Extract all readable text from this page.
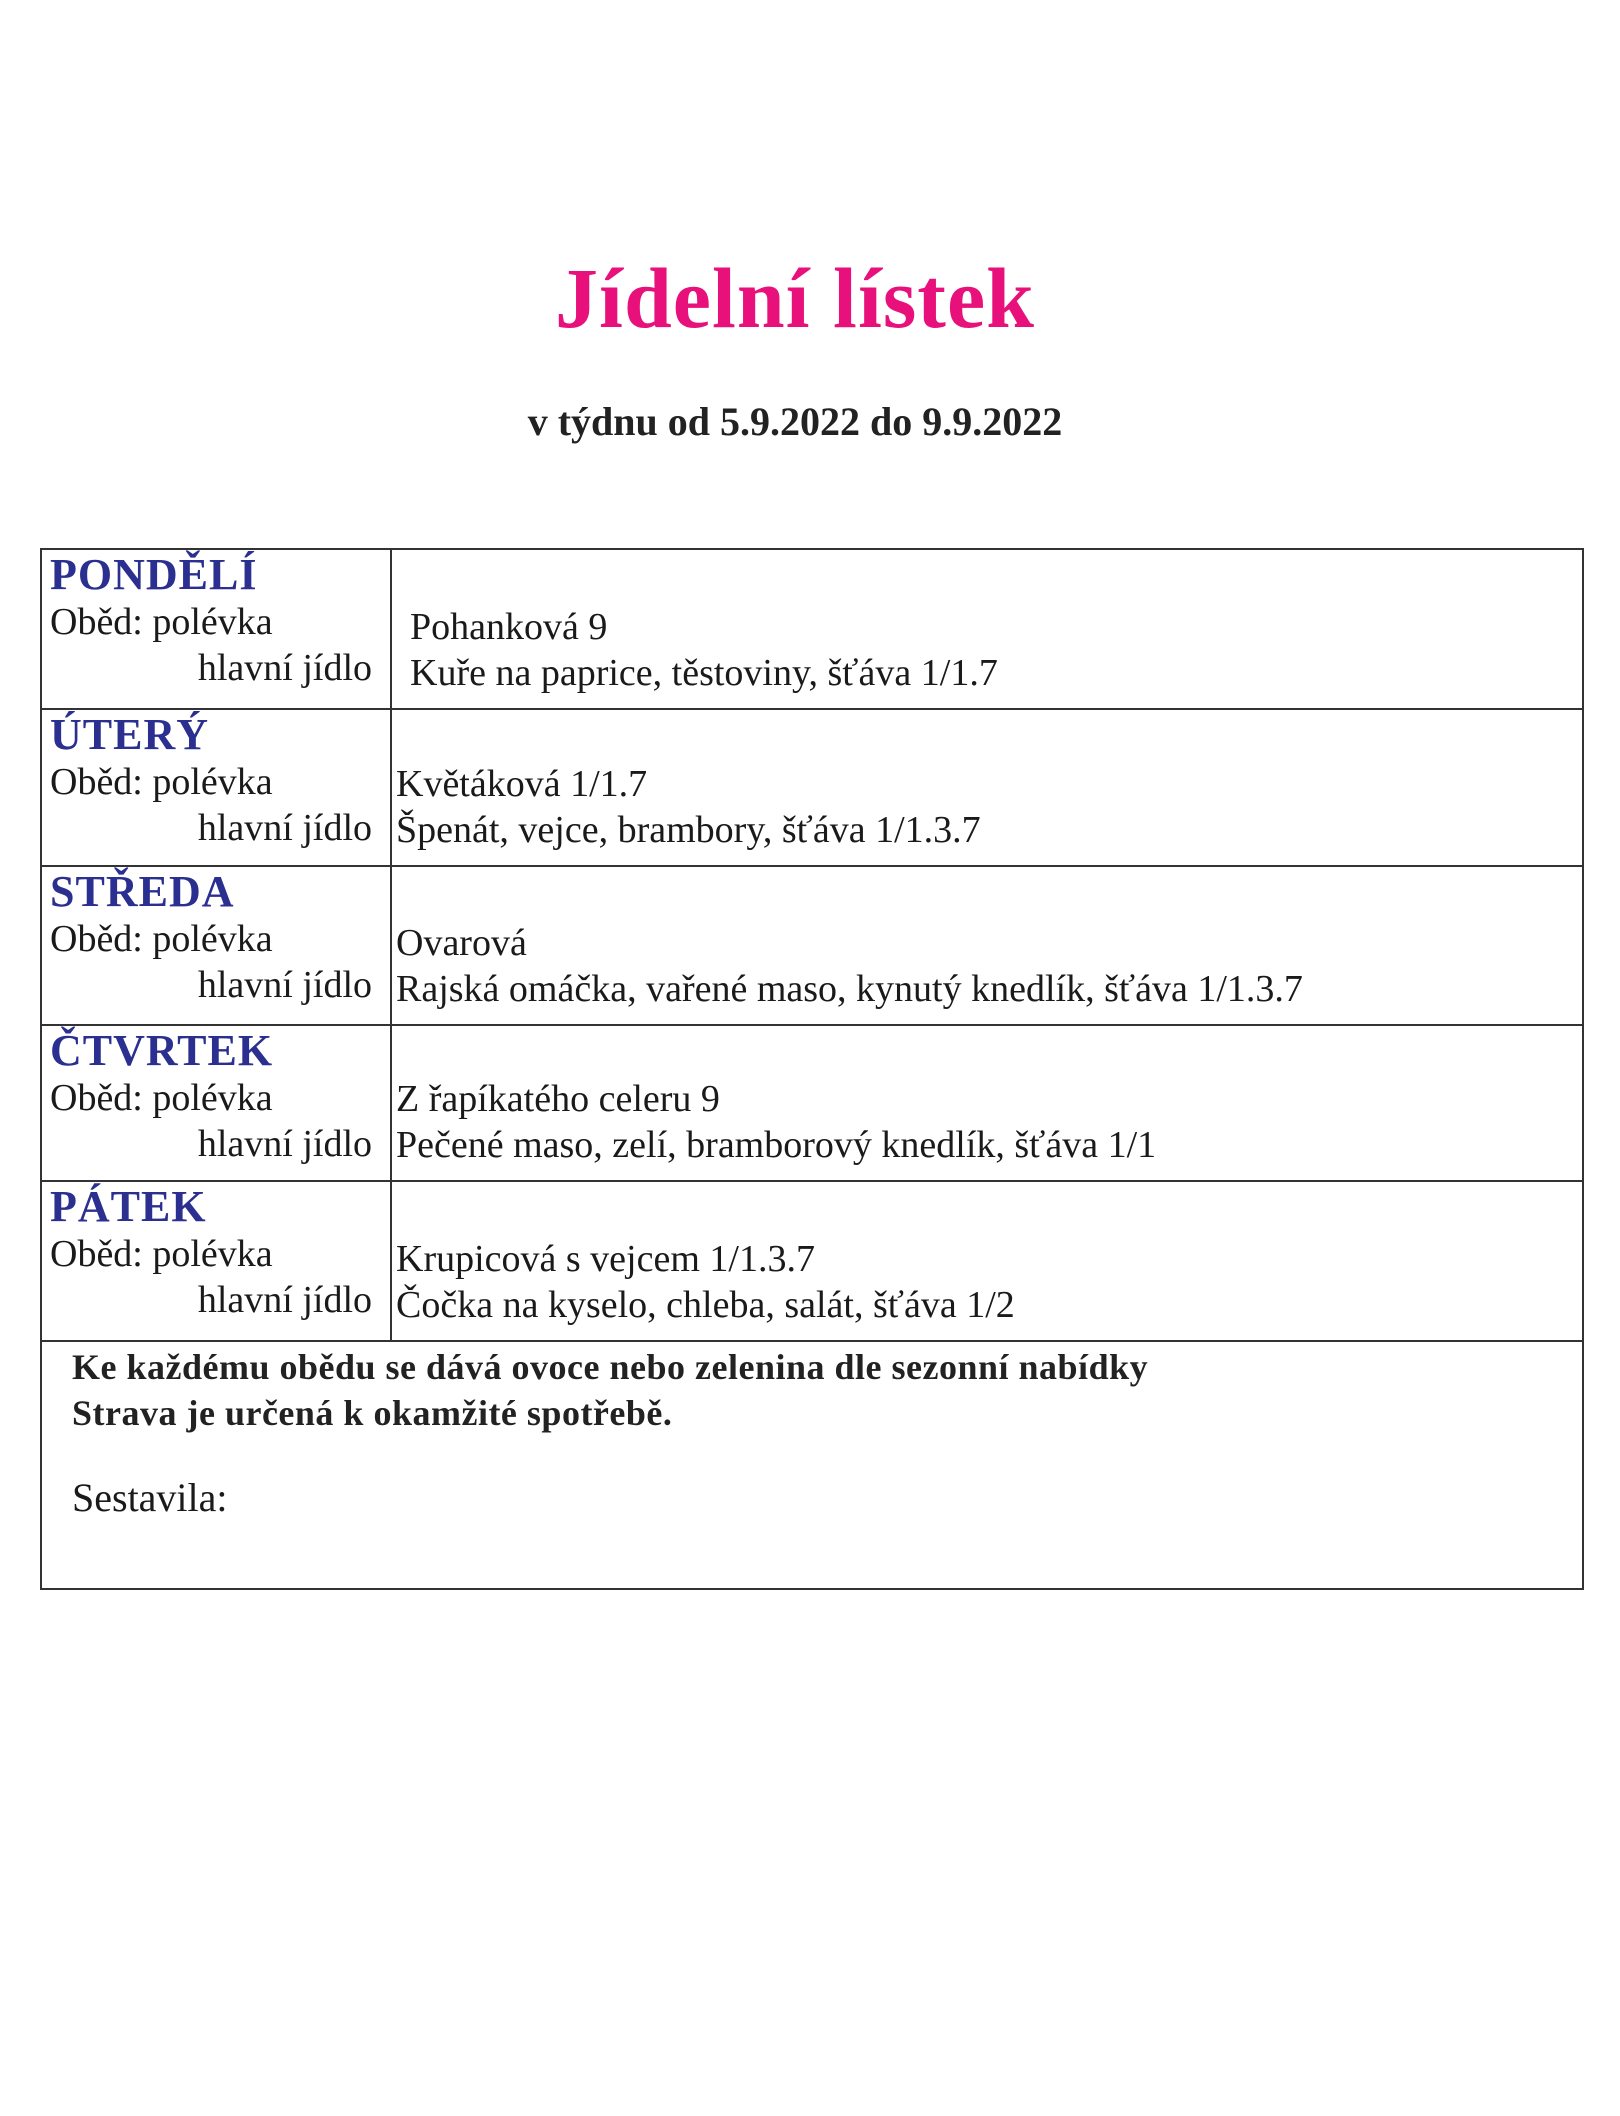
Jídelní lístek
v týdnu od 5.9.2022 do 9.9.2022
PONDĚLÍ
Oběd: polévka
hlavní jídlo
Pohanková 9
Kuře na paprice, těstoviny, šťáva 1/1.7
ÚTERÝ
Oběd: polévka
hlavní jídlo
Květáková 1/1.7
Špenát, vejce, brambory, šťáva 1/1.3.7
STŘEDA
Oběd: polévka
hlavní jídlo
Ovarová
Rajská omáčka, vařené maso, kynutý knedlík, šťáva 1/1.3.7
ČTVRTEK
Oběd: polévka
hlavní jídlo
Z řapíkatého celeru 9
Pečené maso, zelí, bramborový knedlík, šťáva 1/1
PÁTEK
Oběd: polévka
hlavní jídlo
Krupicová s vejcem 1/1.3.7
Čočka na kyselo, chleba, salát, šťáva 1/2
Ke každému obědu se dává ovoce nebo zelenina dle sezonní nabídky
Strava je určená k okamžité spotřebě.
Sestavila:
